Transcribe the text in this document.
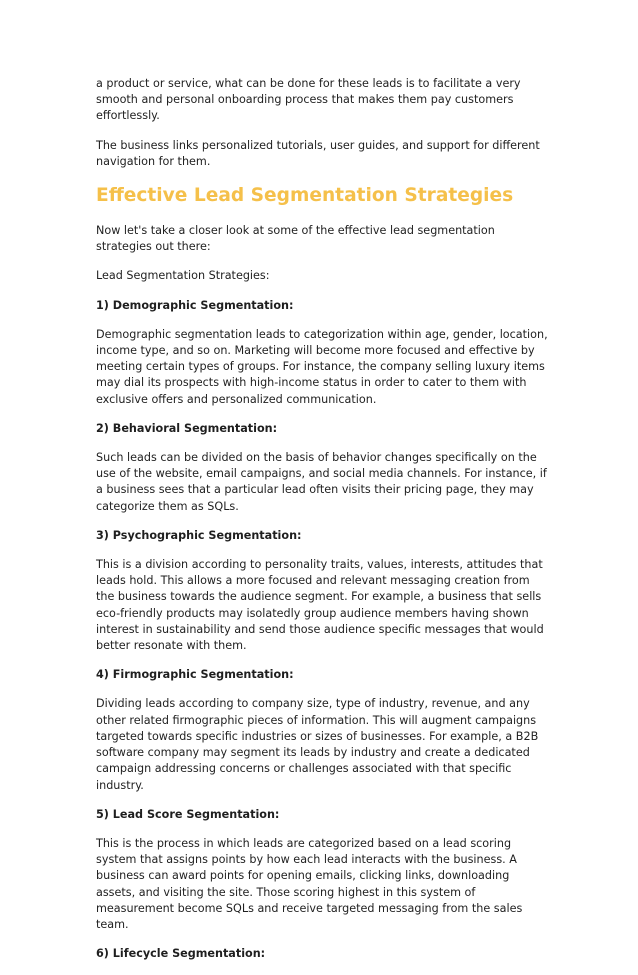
a product or service, what can be done for these leads is to facilitate a very smooth and personal onboarding process that makes them pay customers effortlessly.

The business links personalized tutorials, user guides, and support for different navigation for them.

Effective Lead Segmentation Strategies

Now let's take a closer look at some of the effective lead segmentation strategies out there:

Lead Segmentation Strategies:

1) Demographic Segmentation:

Demographic segmentation leads to categorization within age, gender, location, income type, and so on. Marketing will become more focused and effective by meeting certain types of groups. For instance, the company selling luxury items may dial its prospects with high-income status in order to cater to them with exclusive offers and personalized communication.

2) Behavioral Segmentation:

Such leads can be divided on the basis of behavior changes specifically on the use of the website, email campaigns, and social media channels. For instance, if a business sees that a particular lead often visits their pricing page, they may categorize them as SQLs.

3) Psychographic Segmentation:

This is a division according to personality traits, values, interests, attitudes that leads hold. This allows a more focused and relevant messaging creation from the business towards the audience segment. For example, a business that sells eco-friendly products may isolatedly group audience members having shown interest in sustainability and send those audience specific messages that would better resonate with them.

4) Firmographic Segmentation:

Dividing leads according to company size, type of industry, revenue, and any other related firmographic pieces of information. This will augment campaigns targeted towards specific industries or sizes of businesses. For example, a B2B software company may segment its leads by industry and create a dedicated campaign addressing concerns or challenges associated with that specific industry.

5) Lead Score Segmentation:

This is the process in which leads are categorized based on a lead scoring system that assigns points by how each lead interacts with the business. A business can award points for opening emails, clicking links, downloading assets, and visiting the site. Those scoring highest in this system of measurement become SQLs and receive targeted messaging from the sales team.

6) Lifecycle Segmentation:
